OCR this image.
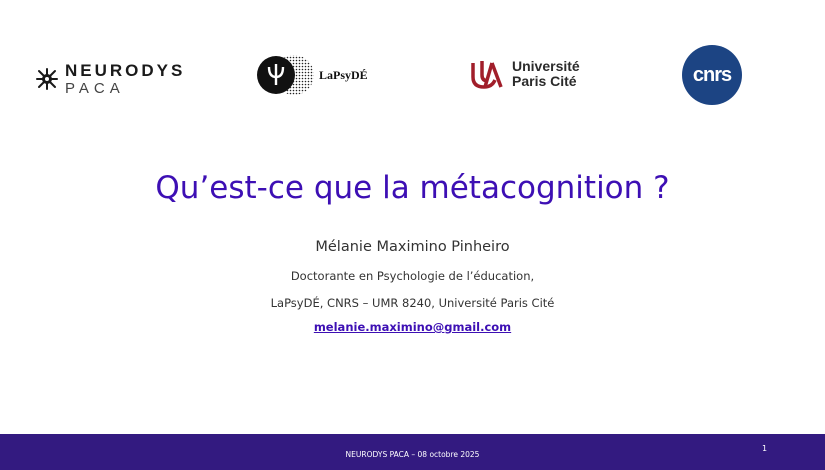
NEURODYS
PACA
LaPsyDÉ
Université
Paris Cité	cnrs
Qu’est-ce que la métacognition ?
Mélanie Maximino Pinheiro
Doctorante en Psychologie de l’éducation,
LaPsyDÉ, CNRS – UMR 8240, Université Paris Cité
melanie.maximino@gmail.com
NEURODYS PACA – 08 octobre 2025
1
